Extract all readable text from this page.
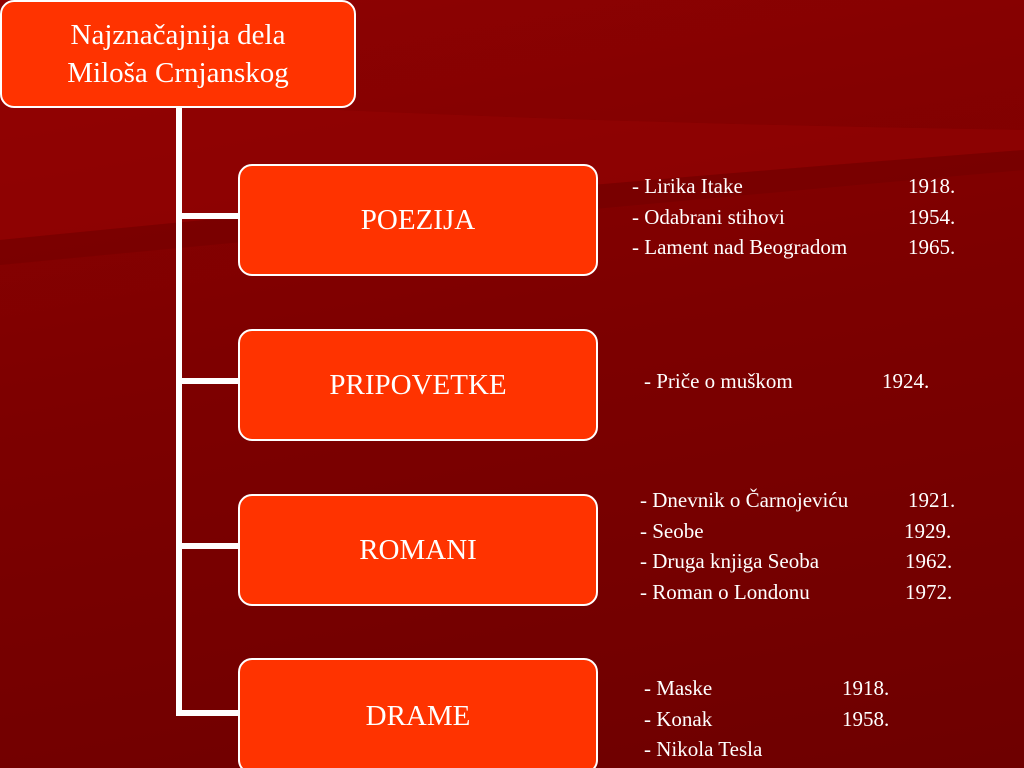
Najznačajnija dela
Miloša Crnjanskog
POEZIJA
- Lirika Itake	1918.
- Odabrani stihovi	1954.
- Lament nad Beogradom	1965.
PRIPOVETKE	- Priče o muškom	1924.
ROMANI
- Dnevnik o Čarnojeviću	1921.
- Seobe	1929.
- Druga knjiga Seoba	1962.
- Roman o Londonu	1972.
DRAME
- Maske	1918.
- Konak	1958.
- Nikola Tesla
